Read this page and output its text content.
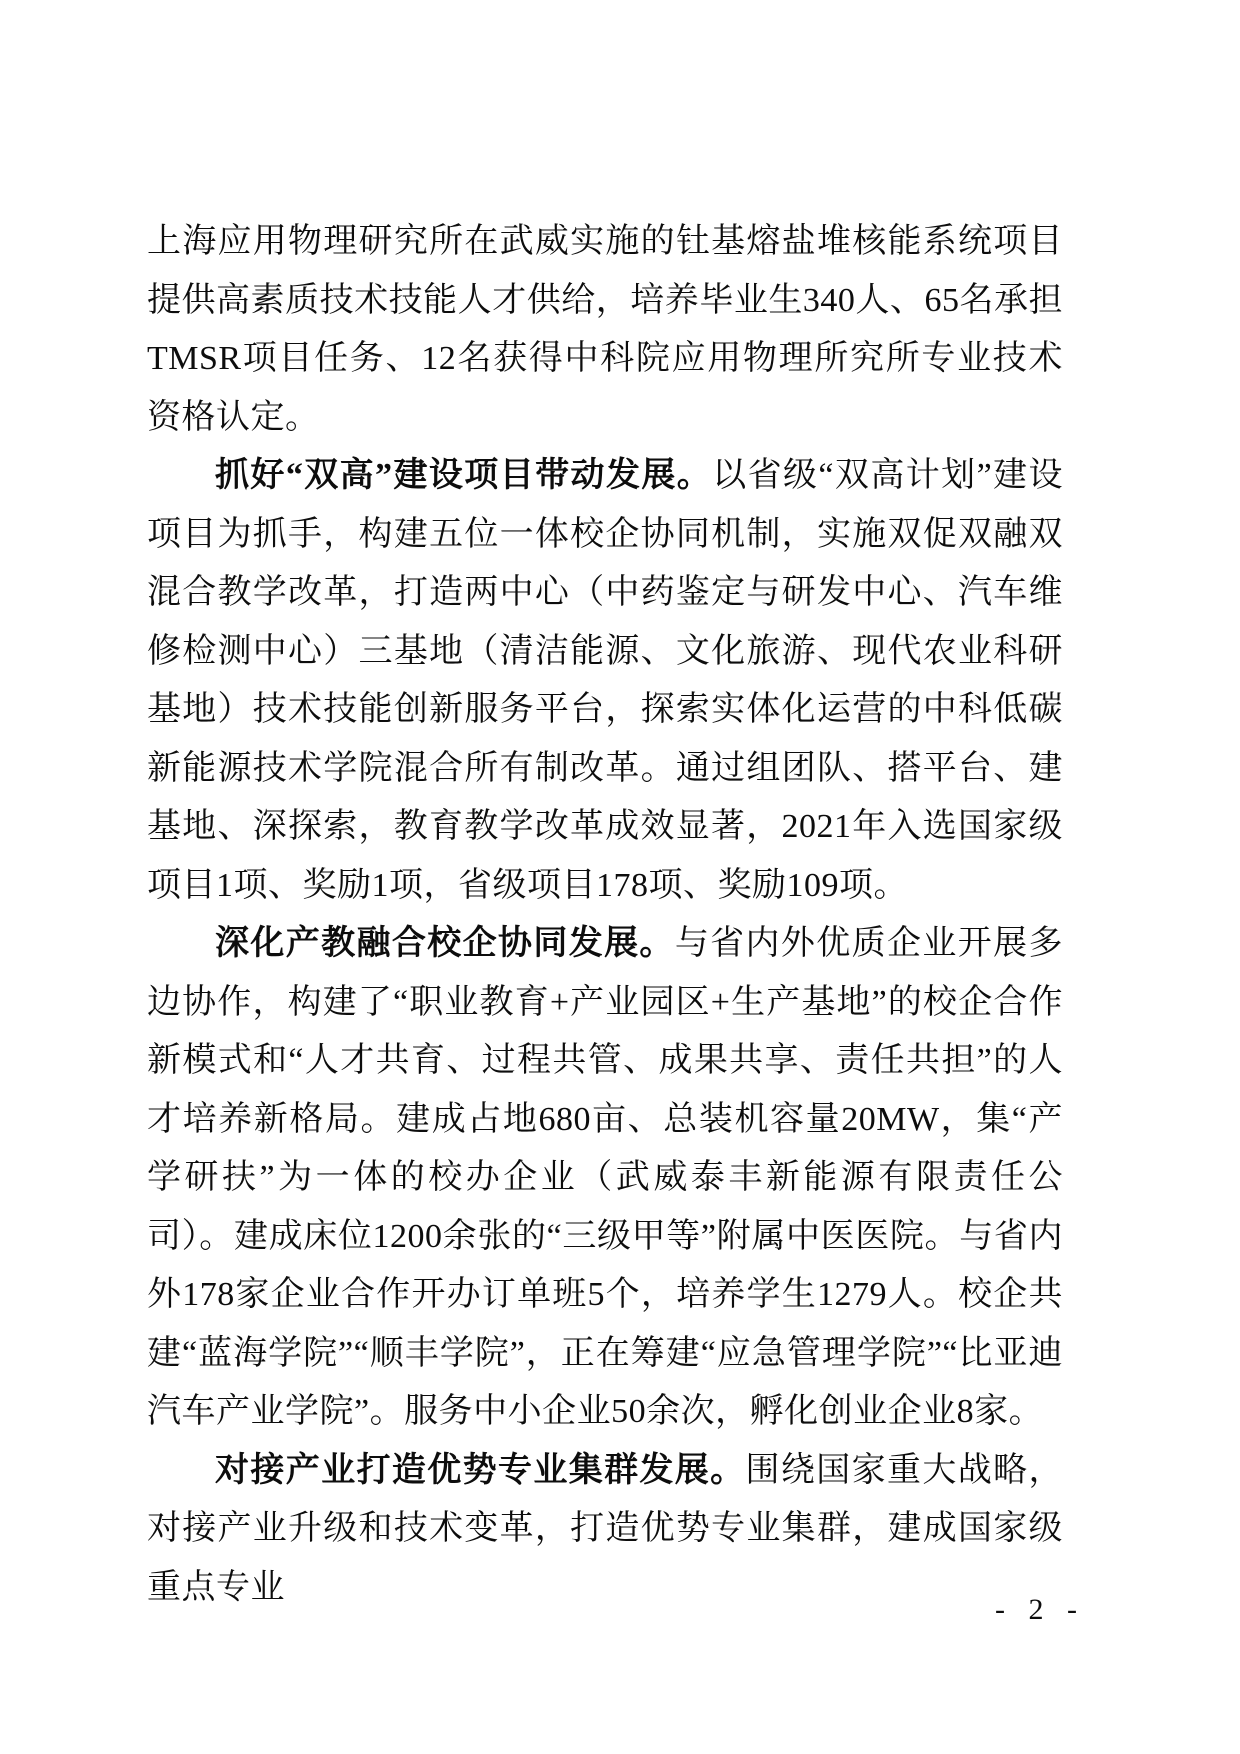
上海应用物理研究所在武威实施的钍基熔盐堆核能系统项目提供高素质技术技能人才供给，培养毕业生340人、65名承担TMSR项目任务、12名获得中科院应用物理所究所专业技术资格认定。

抓好“双高”建设项目带动发展。以省级“双高计划”建设项目为抓手，构建五位一体校企协同机制，实施双促双融双混合教学改革，打造两中心（中药鉴定与研发中心、汽车维修检测中心）三基地（清洁能源、文化旅游、现代农业科研基地）技术技能创新服务平台，探索实体化运营的中科低碳新能源技术学院混合所有制改革。通过组团队、搭平台、建基地、深探索，教育教学改革成效显著，2021年入选国家级项目1项、奖励1项，省级项目178项、奖励109项。

深化产教融合校企协同发展。与省内外优质企业开展多边协作，构建了“职业教育+产业园区+生产基地”的校企合作新模式和“人才共育、过程共管、成果共享、责任共担”的人才培养新格局。建成占地680亩、总装机容量20MW，集“产学研扶”为一体的校办企业（武威泰丰新能源有限责任公司）。建成床位1200余张的“三级甲等”附属中医医院。与省内外178家企业合作开办订单班5个，培养学生1279人。校企共建“蓝海学院”“顺丰学院”，正在筹建“应急管理学院”“比亚迪汽车产业学院”。服务中小企业50余次，孵化创业企业8家。

对接产业打造优势专业集群发展。围绕国家重大战略，对接产业升级和技术变革，打造优势专业集群，建成国家级重点专业

- 2 -
